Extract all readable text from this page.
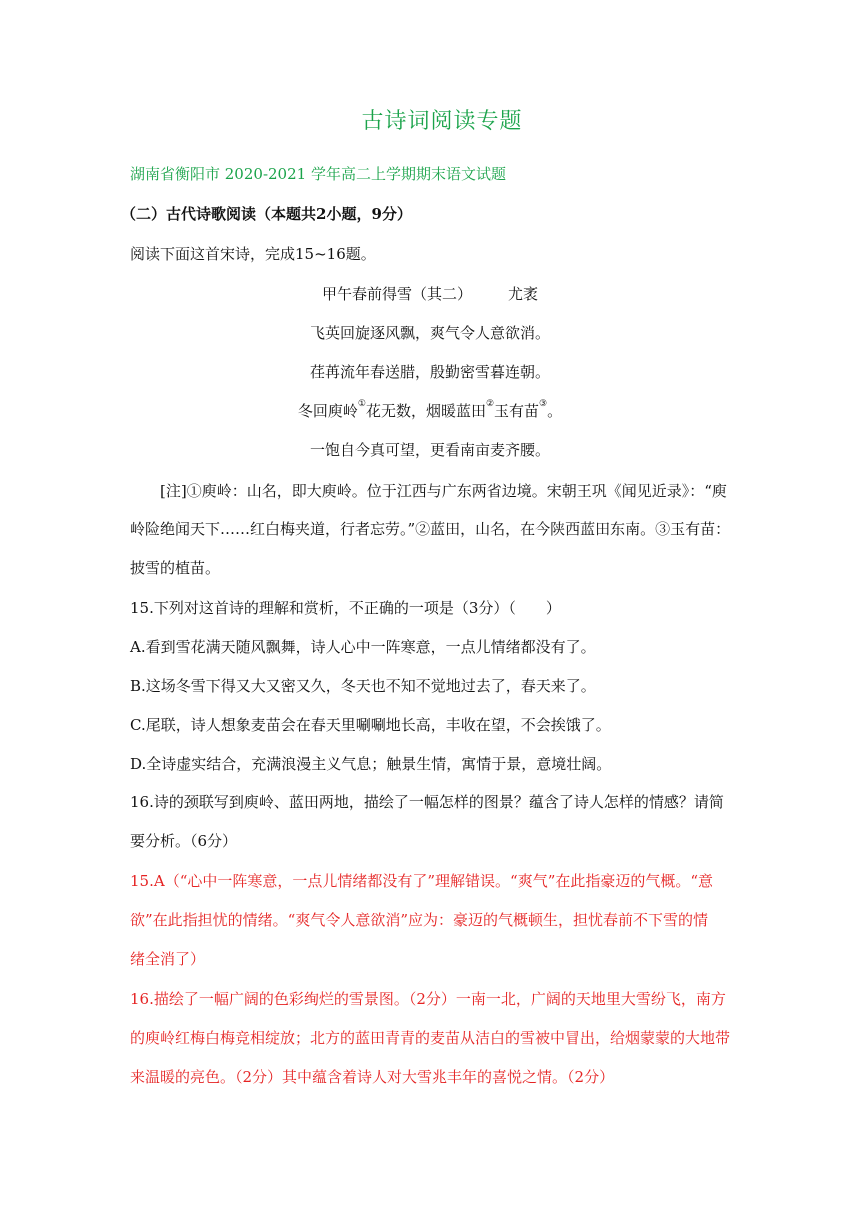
古诗词阅读专题
湖南省衡阳市 2020-2021 学年高二上学期期末语文试题
（二）古代诗歌阅读（本题共2小题，9分）
阅读下面这首宋诗，完成15~16题。
甲午春前得雪（其二） 尤袤
飞英回旋逐风飘，爽气令人意欲消。
荏苒流年春送腊，殷勤密雪暮连朝。
冬回庾岭①花无数，烟暖蓝田②玉有苗③。
一饱自今真可望，更看南亩麦齐腰。
[注]①庾岭：山名，即大庾岭。位于江西与广东两省边境。宋朝王巩《闻见近录》：“庾
岭险绝闻天下……红白梅夹道，行者忘劳。”②蓝田，山名，在今陕西蓝田东南。③玉有苗：
披雪的植苗。
15.下列对这首诗的理解和赏析，不正确的一项是（3分）（　　）
A.看到雪花满天随风飘舞，诗人心中一阵寒意，一点儿情绪都没有了。
B.这场冬雪下得又大又密又久，冬天也不知不觉地过去了，春天来了。
C.尾联，诗人想象麦苗会在春天里唰唰地长高，丰收在望，不会挨饿了。
D.全诗虚实结合，充满浪漫主义气息；触景生情，寓情于景，意境壮阔。
16.诗的颈联写到庾岭、蓝田两地，描绘了一幅怎样的图景？蕴含了诗人怎样的情感？请简
要分析。（6分）
15.A（“心中一阵寒意，一点儿情绪都没有了”理解错误。“爽气”在此指豪迈的气概。“意
欲”在此指担忧的情绪。“爽气令人意欲消”应为：豪迈的气概顿生，担忧春前不下雪的情
绪全消了）
16.描绘了一幅广阔的色彩绚烂的雪景图。（2分）一南一北，广阔的天地里大雪纷飞，南方
的庾岭红梅白梅竞相绽放；北方的蓝田青青的麦苗从洁白的雪被中冒出，给烟蒙蒙的大地带
来温暖的亮色。（2分）其中蕴含着诗人对大雪兆丰年的喜悦之情。（2分）
